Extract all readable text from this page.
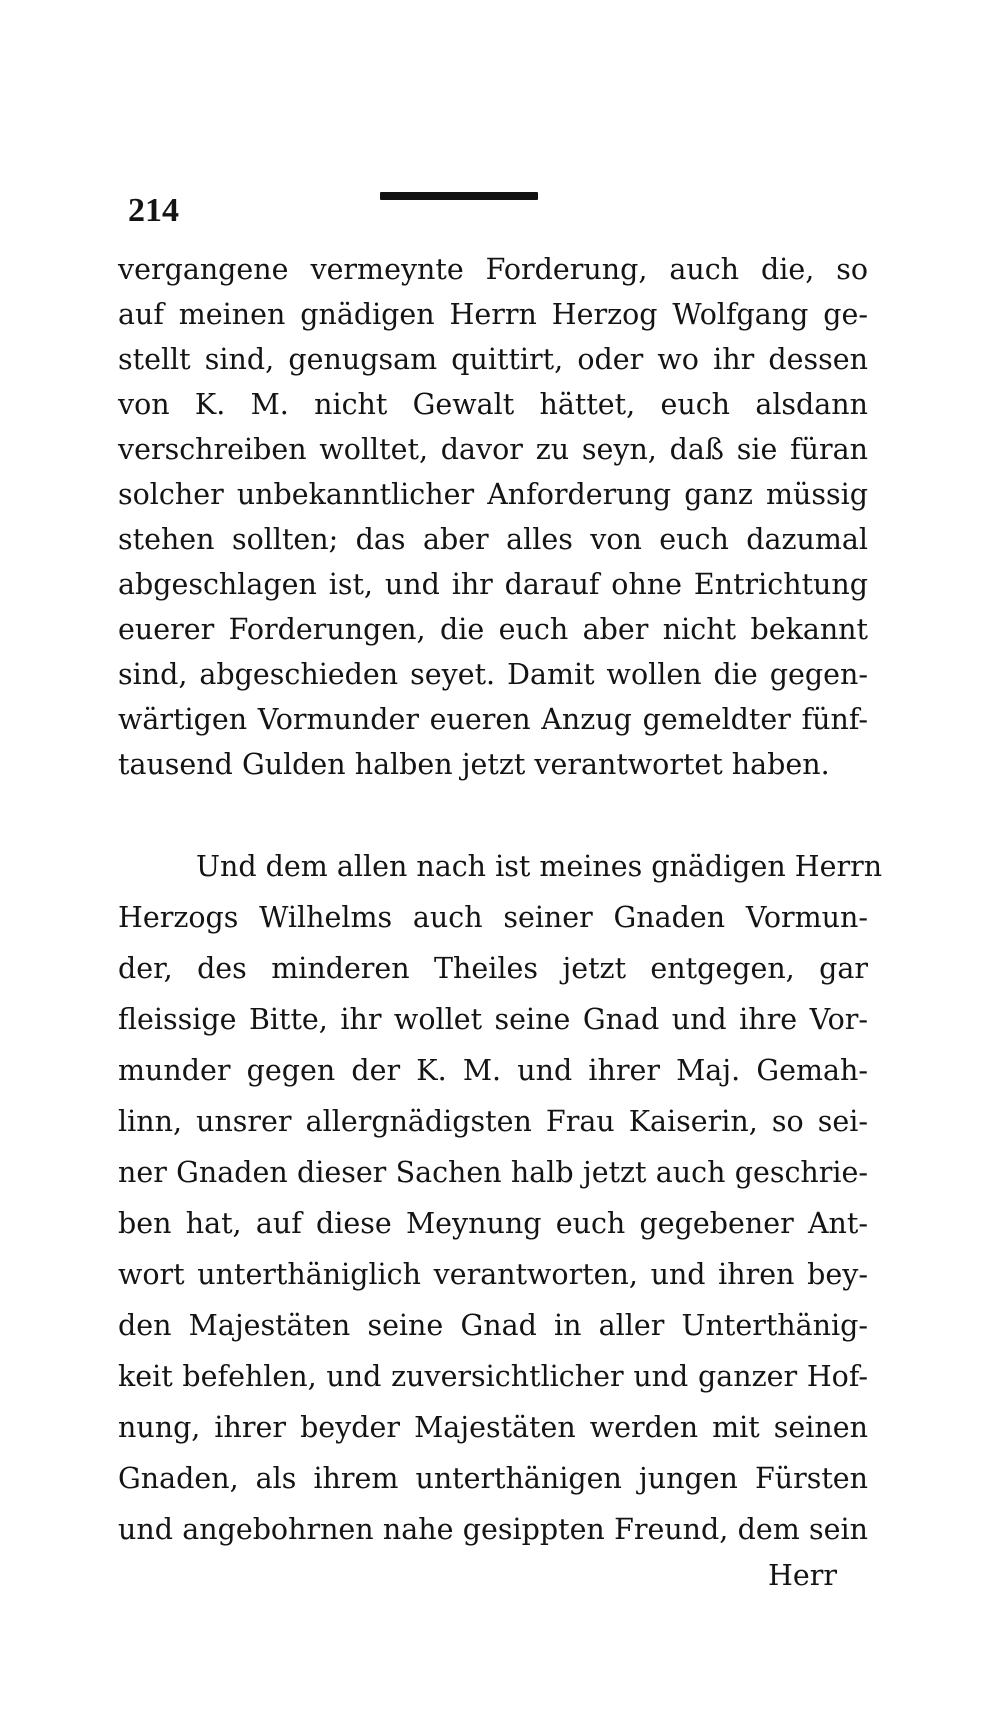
214
vergangene vermeynte Forderung, auch die, so
auf meinen gnädigen Herrn Herzog Wolfgang ge-
stellt sind, genugsam quittirt, oder wo ihr dessen
von K. M. nicht Gewalt hättet, euch alsdann
verschreiben wolltet, davor zu seyn, daß sie füran
solcher unbekanntlicher Anforderung ganz müssig
stehen sollten; das aber alles von euch dazumal
abgeschlagen ist, und ihr darauf ohne Entrichtung
euerer Forderungen, die euch aber nicht bekannt
sind, abgeschieden seyet. Damit wollen die gegen-
wärtigen Vormunder eueren Anzug gemeldter fünf-
tausend Gulden halben jetzt verantwortet haben.
Und dem allen nach ist meines gnädigen Herrn
Herzogs Wilhelms auch seiner Gnaden Vormun-
der, des minderen Theiles jetzt entgegen, gar
fleissige Bitte, ihr wollet seine Gnad und ihre Vor-
munder gegen der K. M. und ihrer Maj. Gemah-
linn, unsrer allergnädigsten Frau Kaiserin, so sei-
ner Gnaden dieser Sachen halb jetzt auch geschrie-
ben hat, auf diese Meynung euch gegebener Ant-
wort unterthäniglich verantworten, und ihren bey-
den Majestäten seine Gnad in aller Unterthänig-
keit befehlen, und zuversichtlicher und ganzer Hof-
nung, ihrer beyder Majestäten werden mit seinen
Gnaden, als ihrem unterthänigen jungen Fürsten
und angebohrnen nahe gesippten Freund, dem sein
Herr
